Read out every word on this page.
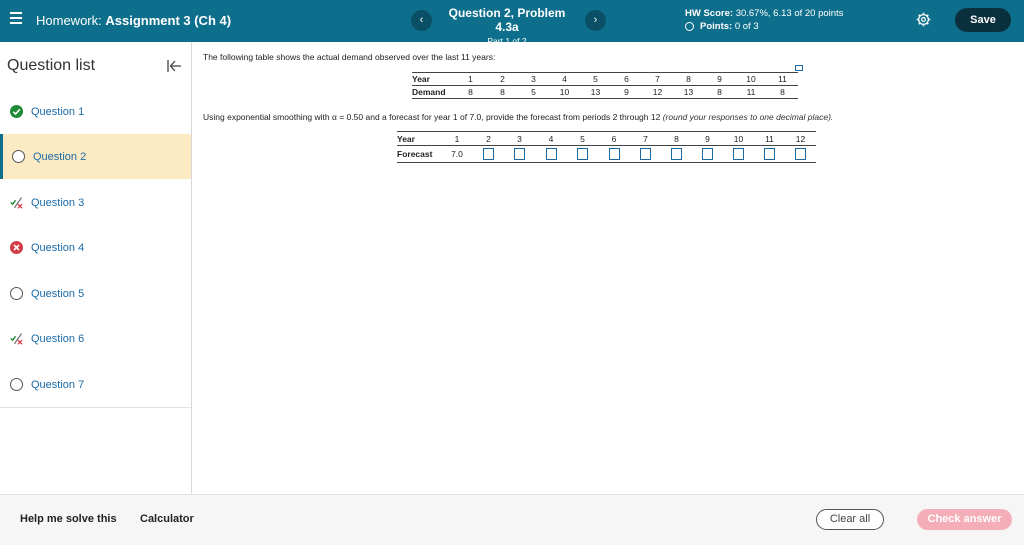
Homework: Assignment 3 (Ch 4)	‹	Question 2, Problem 4.3a
Part 1 of 2
›
HW Score: 30.67%, 6.13 of 20 points
Points:
0 of 3
Save
Question list
Question 1
Question 2
Question 3
Question 4
Question 5
Question 6
Question 7
The following table shows the actual demand observed over the last 11 years:
Year	1	2	3	4	5	6	7	8	9	10	11
Demand	8	8	5	10	13	9	12	13	8	11	8
Using exponential smoothing with α = 0.50 and a forecast for year 1 of 7.0, provide the forecast from periods 2 through 12 (round your responses to one decimal place).
Year	1	2	3	4	5	6	7	8	9	10	11	12
Forecast	7.0											
Help me solve this Calculator	Clear all	Check answer
